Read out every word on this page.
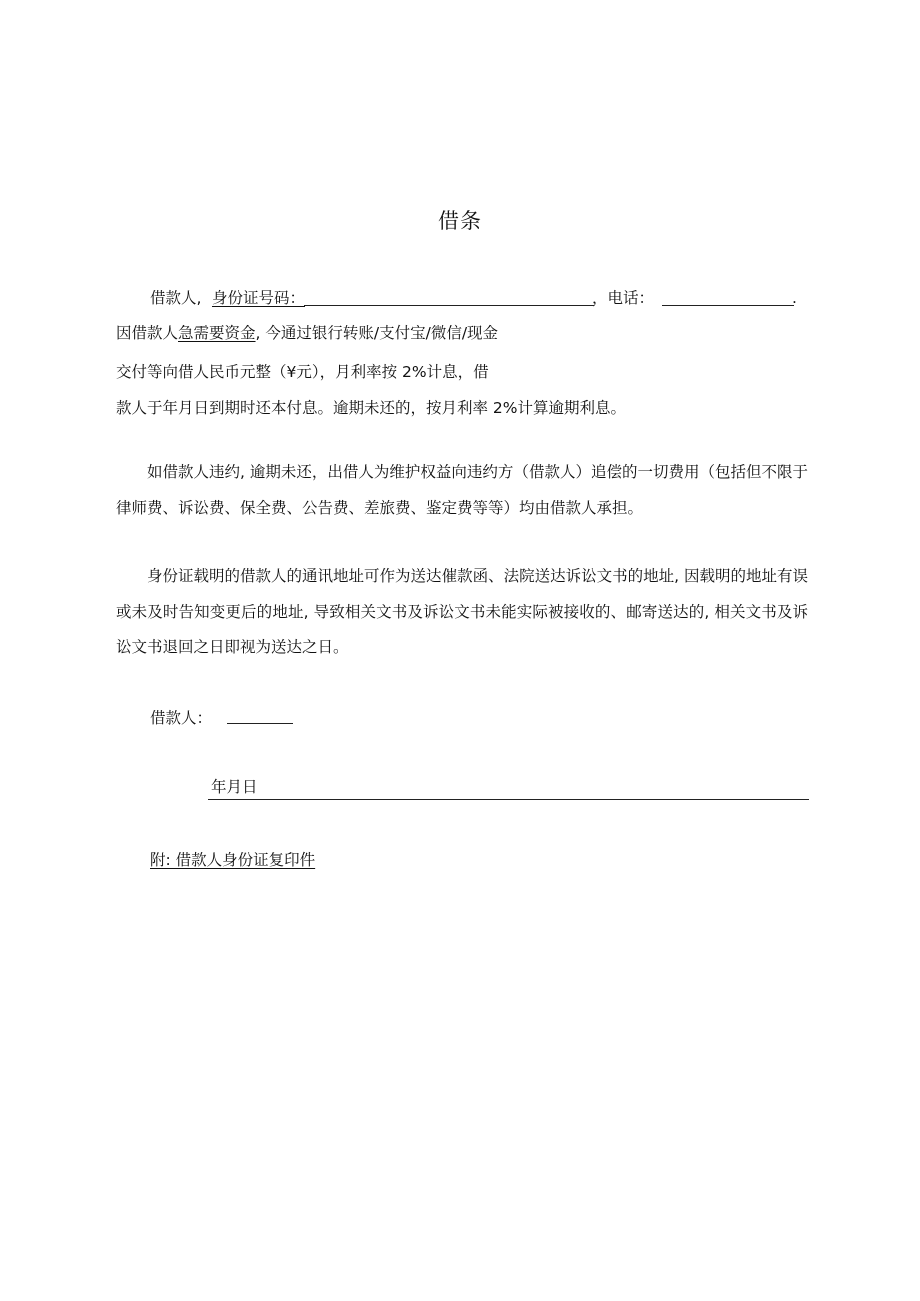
借条
借款人, 身份证号码：	，电话：	.
因借款人急需要资金, 今通过银行转账/支付宝/微信/现金
交付等向借人民币元整（¥元），月利率按 2%计息，借
款人于年月日到期时还本付息。逾期未还的，按月利率 2%计算逾期利息。
如借款人违约, 逾期未还，出借人为维护权益向违约方（借款人）追偿的一切费用（包括但不限于律师费、诉讼费、保全费、公告费、差旅费、鉴定费等等）均由借款人承担。
身份证载明的借款人的通讯地址可作为送达催款函、法院送达诉讼文书的地址, 因载明的地址有误或未及时告知变更后的地址, 导致相关文书及诉讼文书未能实际被接收的、邮寄送达的, 相关文书及诉讼文书退回之日即视为送达之日。
借款人：
年月日
附: 借款人身份证复印件
